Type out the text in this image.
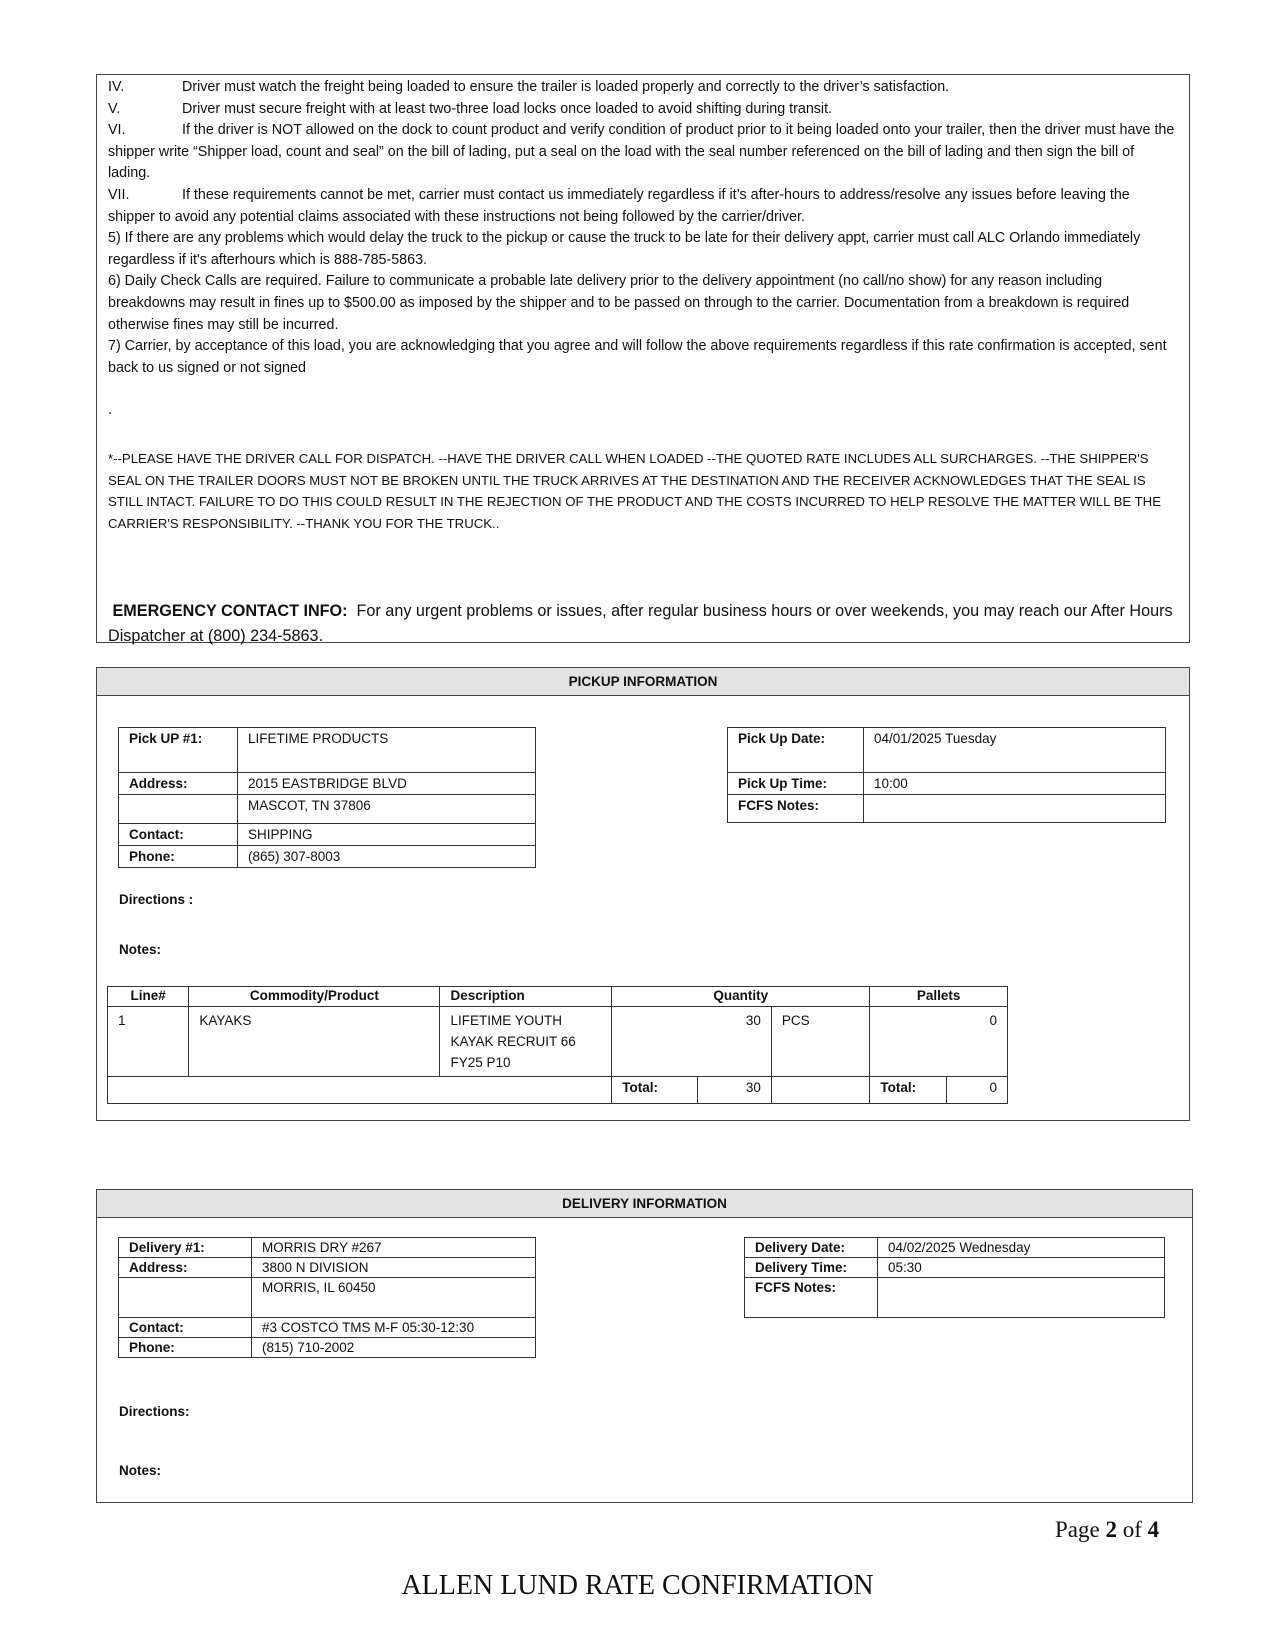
IV.	Driver must watch the freight being loaded to ensure the trailer is loaded properly and correctly to the driver’s satisfaction.

V.	Driver must secure freight with at least two-three load locks once loaded to avoid shifting during transit.

VI.	If the driver is NOT allowed on the dock to count product and verify condition of product prior to it being loaded onto your trailer, then the driver must have the shipper write “Shipper load, count and seal” on the bill of lading, put a seal on the load with the seal number referenced on the bill of lading and then sign the bill of lading.

VII.	If these requirements cannot be met, carrier must contact us immediately regardless if it’s after-hours to address/resolve any issues before leaving the shipper to avoid any potential claims associated with these instructions not being followed by the carrier/driver.

5) If there are any problems which would delay the truck to the pickup or cause the truck to be late for their delivery appt, carrier must call ALC Orlando immediately regardless if it's afterhours which is 888-785-5863.

6) Daily Check Calls are required. Failure to communicate a probable late delivery prior to the delivery appointment (no call/no show) for any reason including breakdowns may result in fines up to $500.00 as imposed by the shipper and to be passed on through to the carrier. Documentation from a breakdown is required otherwise fines may still be incurred.

7) Carrier, by acceptance of this load, you are acknowledging that you agree and will follow the above requirements regardless if this rate confirmation is accepted, sent back to us signed or not signed

.

*--PLEASE HAVE THE DRIVER CALL FOR DISPATCH. --HAVE THE DRIVER CALL WHEN LOADED --THE QUOTED RATE INCLUDES ALL SURCHARGES. --THE SHIPPER'S SEAL ON THE TRAILER DOORS MUST NOT BE BROKEN UNTIL THE TRUCK ARRIVES AT THE DESTINATION AND THE RECEIVER ACKNOWLEDGES THAT THE SEAL IS STILL INTACT. FAILURE TO DO THIS COULD RESULT IN THE REJECTION OF THE PRODUCT AND THE COSTS INCURRED TO HELP RESOLVE THE MATTER WILL BE THE CARRIER'S RESPONSIBILITY. --THANK YOU FOR THE TRUCK..

EMERGENCY CONTACT INFO: For any urgent problems or issues, after regular business hours or over weekends, you may reach our After Hours Dispatcher at (800) 234-5863.

PICKUP INFORMATION
Pick UP #1:	LIFETIME PRODUCTS
Address:	2015 EASTBRIDGE BLVD
	MASCOT, TN 37806
Contact:	SHIPPING
Phone:	(865) 307-8003
Pick Up Date:	04/01/2025 Tuesday
Pick Up Time:	10:00
FCFS Notes:	
Directions :
Notes:
Line#	Commodity/Product	Description	Quantity			Pallets	
1	KAYAKS	LIFETIME YOUTH
KAYAK RECRUIT 66
FY25 P10	30		PCS	0	
			Total:	30		Total:	0
DELIVERY INFORMATION
Delivery #1:	MORRIS DRY #267
Address:	3800 N DIVISION
	MORRIS, IL 60450
Contact:	#3 COSTCO TMS M-F 05:30-12:30
Phone:	(815) 710-2002
Delivery Date:	04/02/2025 Wednesday
Delivery Time:	05:30
FCFS Notes:	
Directions:
Notes:
Page 2 of 4
ALLEN LUND RATE CONFIRMATION
